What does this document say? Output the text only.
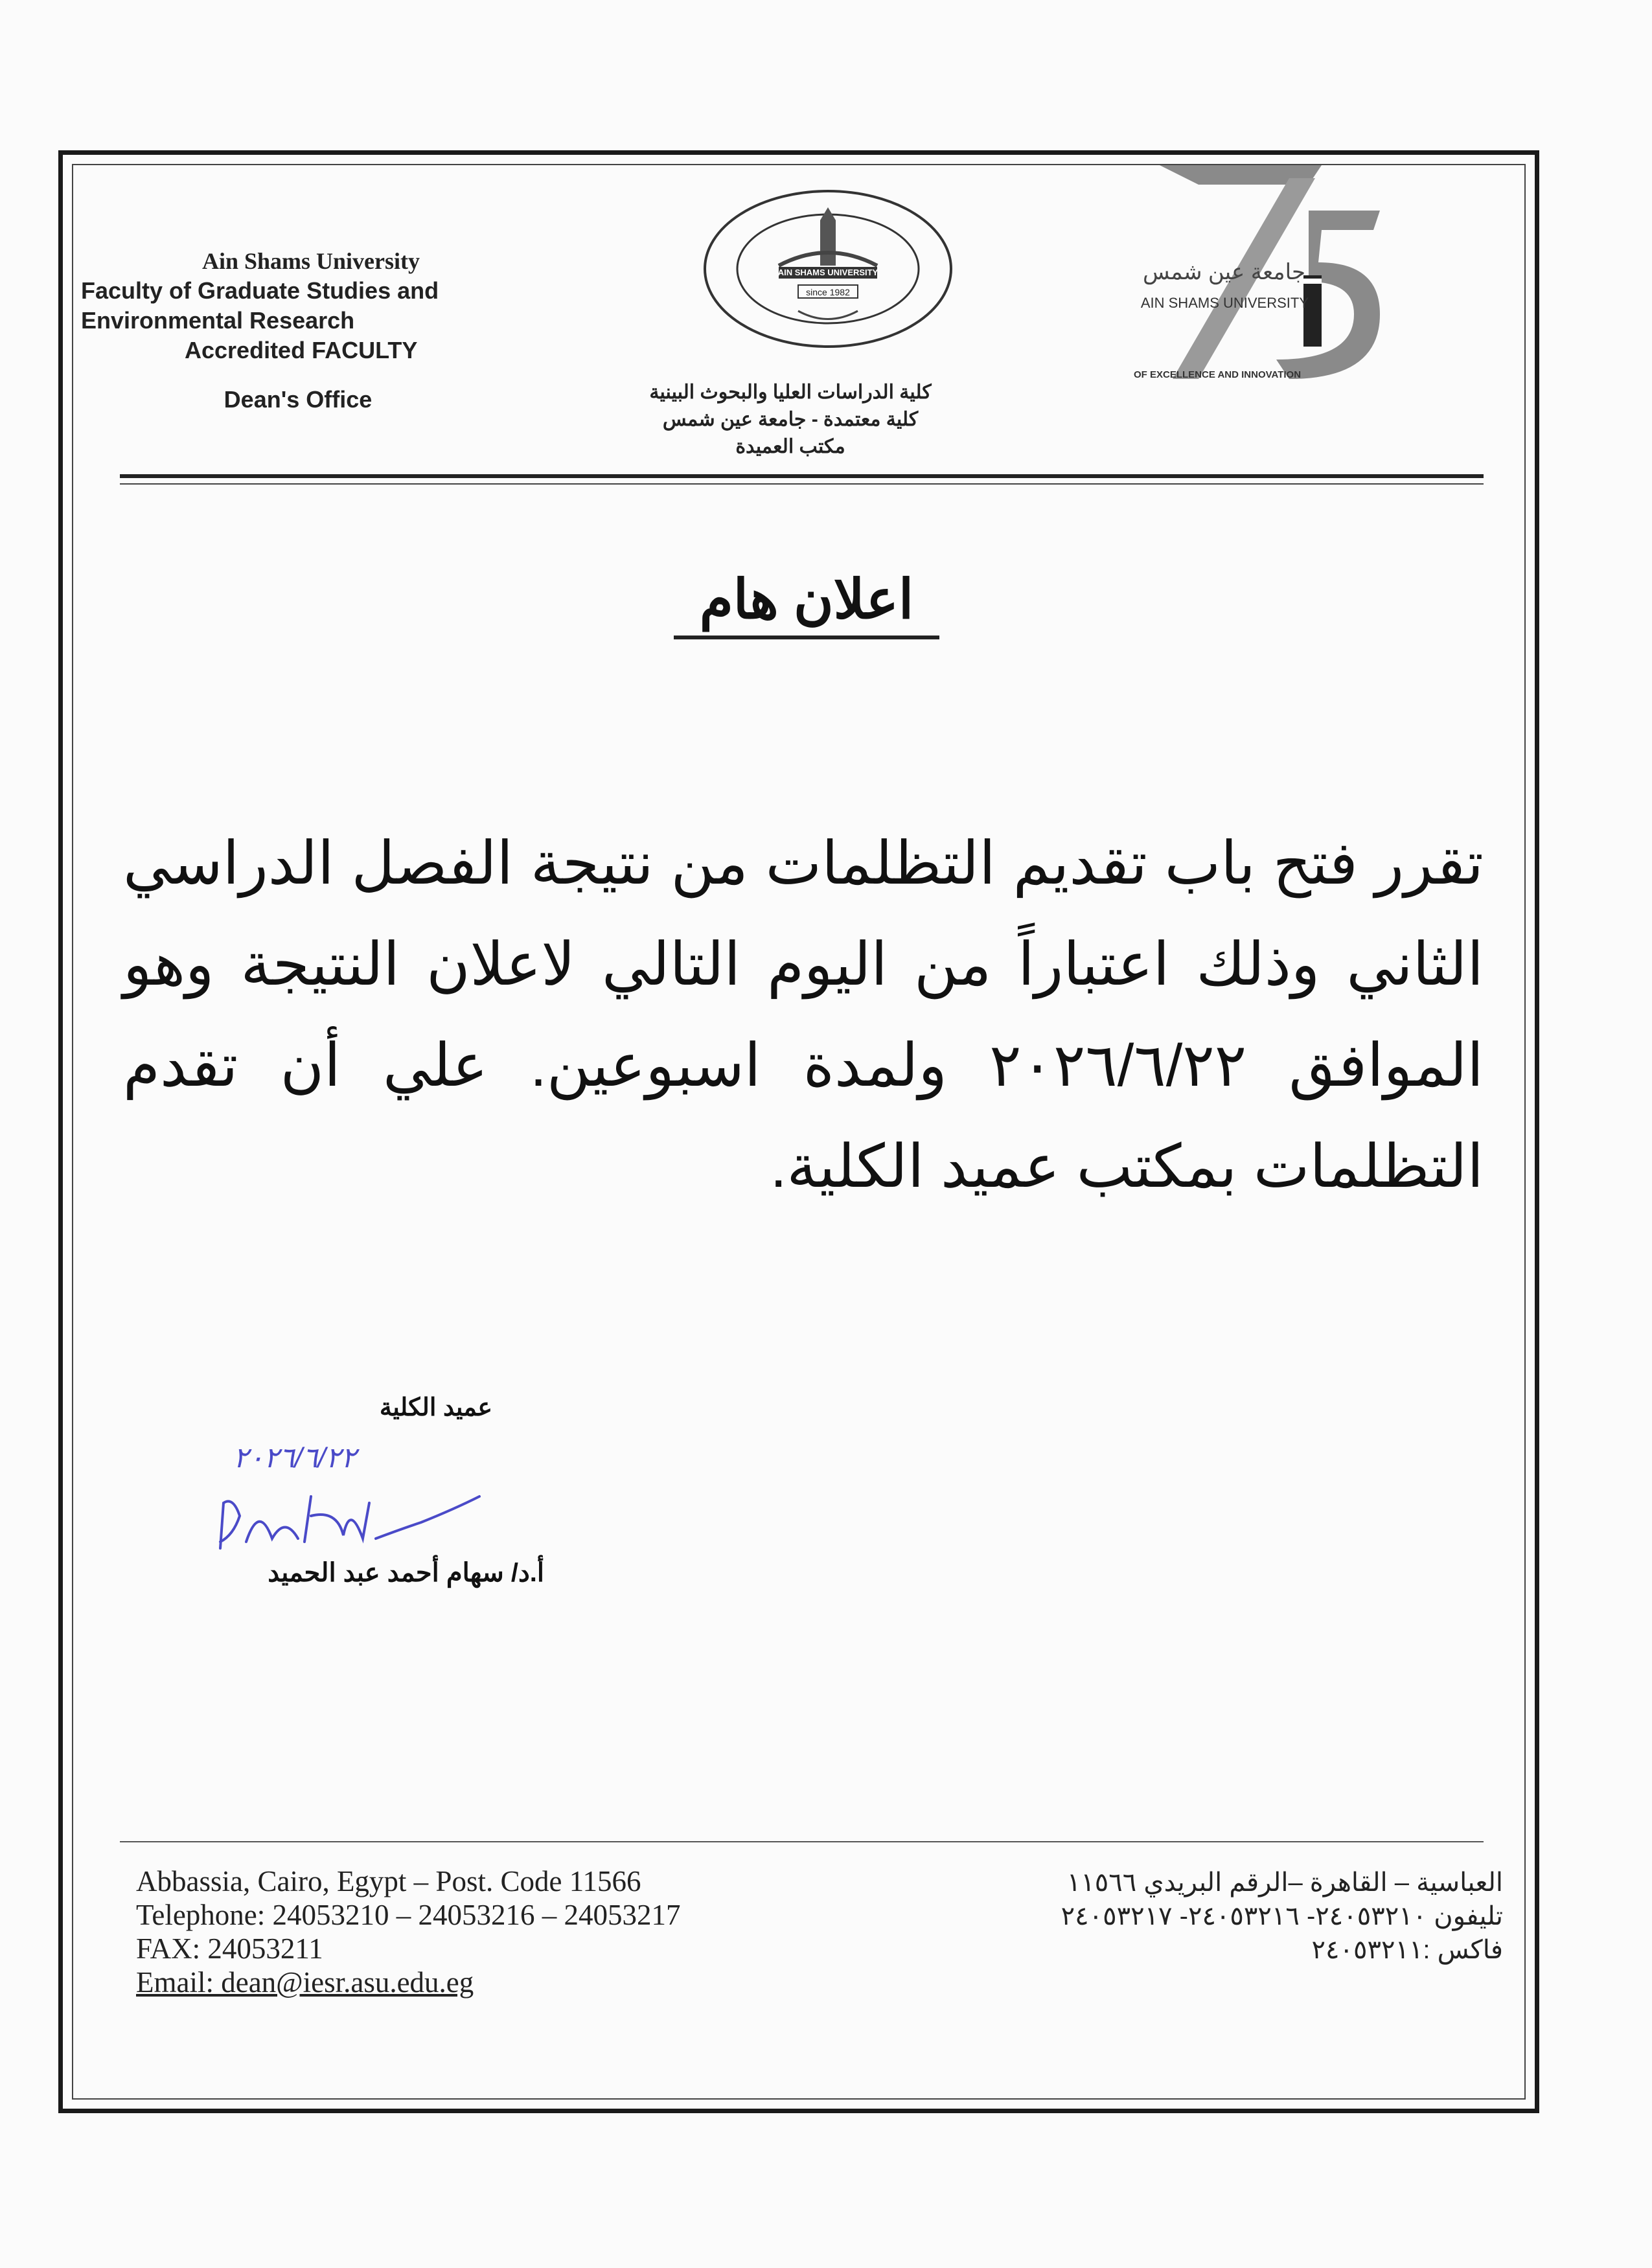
Ain Shams University
Faculty of Graduate Studies and
Environmental Research
Accredited FACULTY
Dean's Office
AIN SHAMS UNIVERSITY
since 1982
كلية الدراسات العليا والبحوث البينية
كلية معتمدة - جامعة عين شمس
مكتب العميدة
جامعة عين شمس
AIN SHAMS UNIVERSITY
OF EXCELLENCE AND INNOVATION
اعلان هام
تقرر فتح باب تقديم التظلمات من نتيجة الفصل الدراسي الثاني وذلك اعتباراً من اليوم التالي لاعلان النتيجة وهو الموافق ٢٠٢٦/٦/٢٢ ولمدة اسبوعين. علي أن تقدم التظلمات بمكتب عميد الكلية.
عميد الكلية
٢٠٢٦/٦/٢٢
أ.د/ سهام أحمد عبد الحميد
Abbassia, Cairo, Egypt – Post. Code 11566
Telephone: 24053210 – 24053216 – 24053217
FAX: 24053211
Email: dean@iesr.asu.edu.eg
العباسية – القاهرة –الرقم البريدي ١١٥٦٦
تليفون ٢٤٠٥٣٢١٠- ٢٤٠٥٣٢١٦- ٢٤٠٥٣٢١٧
فاكس :٢٤٠٥٣٢١١
